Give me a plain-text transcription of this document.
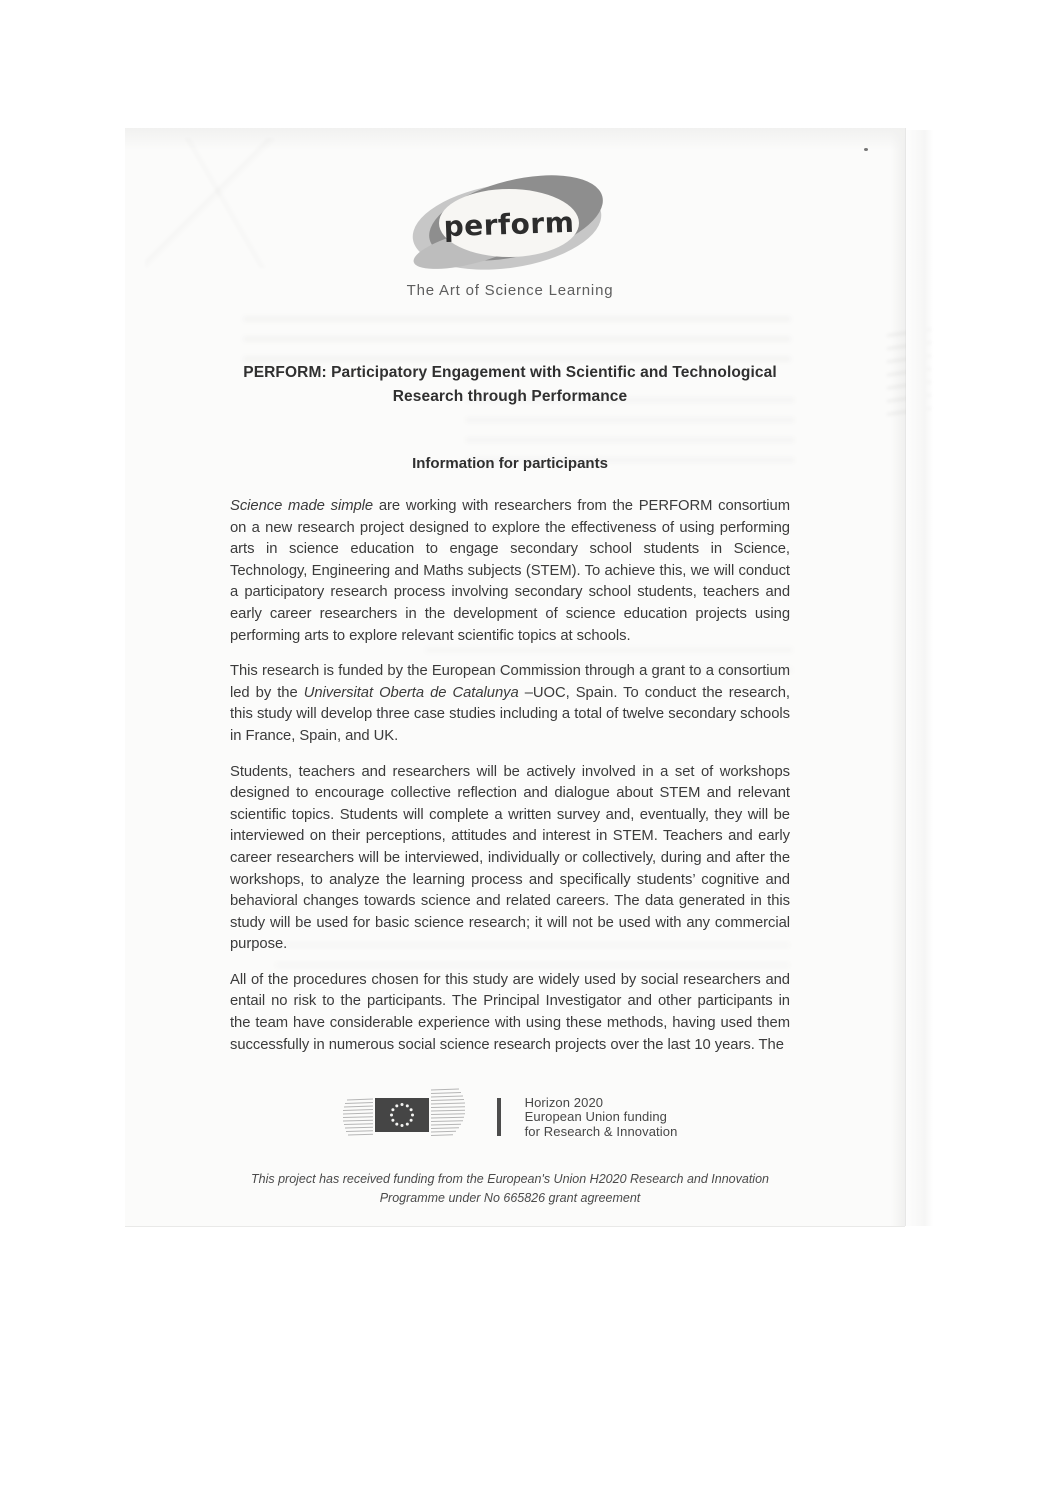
perform
The Art of Science Learning
PERFORM: Participatory Engagement with Scientific and Technological
Research through Performance
Information for participants

Science made simple are working with researchers from the PERFORM consortium on a new research project designed to explore the effectiveness of using performing arts in science education to engage secondary school students in Science, Technology, Engineering and Maths subjects (STEM). To achieve this, we will conduct a participatory research process involving secondary school students, teachers and early career researchers in the development of science education projects using performing arts to explore relevant scientific topics at schools.

This research is funded by the European Commission through a grant to a consortium led by the Universitat Oberta de Catalunya –UOC, Spain. To conduct the research, this study will develop three case studies including a total of twelve secondary schools in France, Spain, and UK.

Students, teachers and researchers will be actively involved in a set of workshops designed to encourage collective reflection and dialogue about STEM and relevant scientific topics. Students will complete a written survey and, eventually, they will be interviewed on their perceptions, attitudes and interest in STEM. Teachers and early career researchers will be interviewed, individually or collectively, during and after the workshops, to analyze the learning process and specifically students’ cognitive and behavioral changes towards science and related careers. The data generated in this study will be used for basic science research; it will not be used with any commercial purpose.

All of the procedures chosen for this study are widely used by social researchers and entail no risk to the participants. The Principal Investigator and other participants in the team have considerable experience with using these methods, having used them successfully in numerous social science research projects over the last 10 years. The

Horizon 2020
European Union funding
for Research & Innovation
This project has received funding from the European's Union H2020 Research and Innovation Programme under No 665826 grant agreement
